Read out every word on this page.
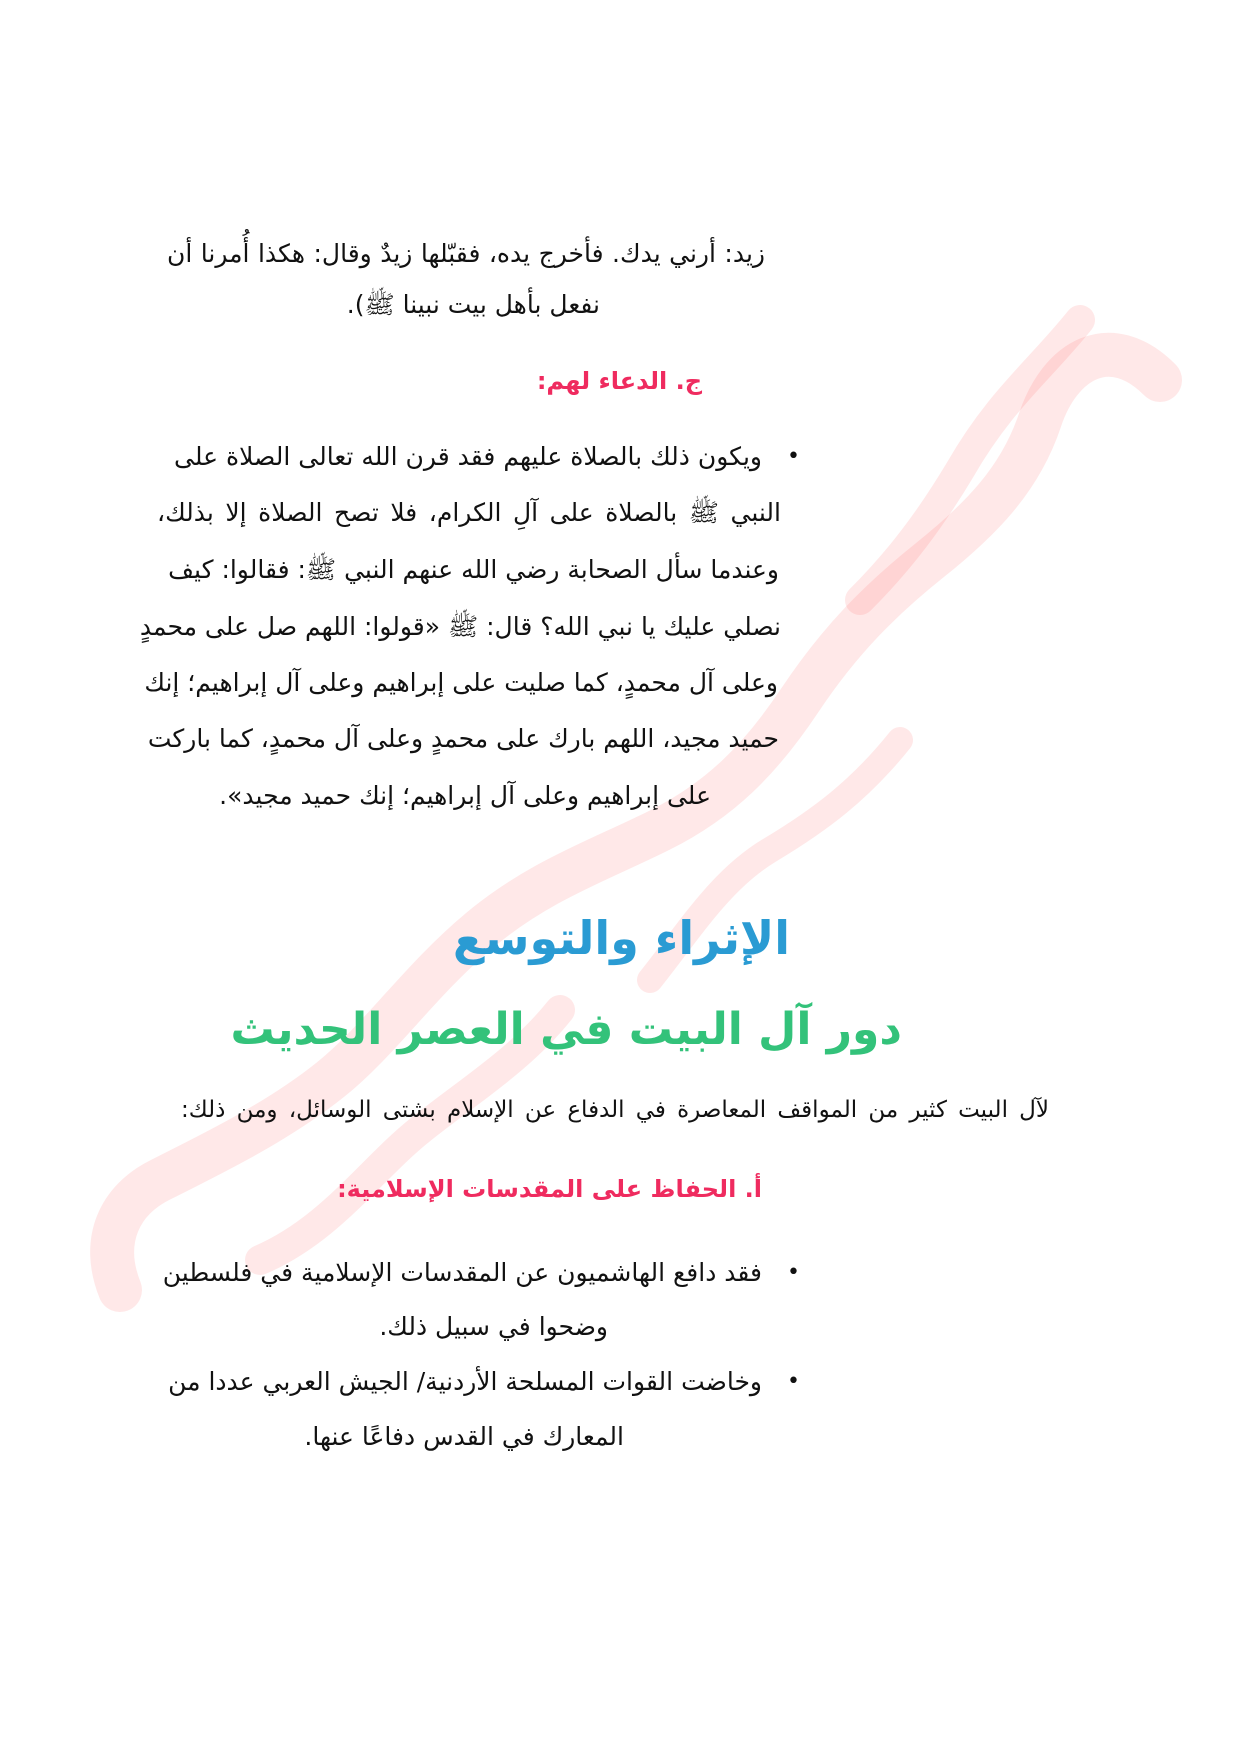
زيد: أرني يدك. فأخرج يده، فقبّلها زيدٌ وقال: هكذا أُمرنا أن
نفعل بأهل بيت نبينا ﷺ).
ج. الدعاء لهم:
•
ويكون ذلك بالصلاة عليهم فقد قرن الله تعالى الصلاة على
النبي ﷺ بالصلاة على آلِ الكرام، فلا تصح الصلاة إلا بذلك،
وعندما سأل الصحابة رضي الله عنهم النبي ﷺ: فقالوا: كيف
نصلي عليك يا نبي الله؟ قال: ﷺ «قولوا: اللهم صل على محمدٍ
وعلى آل محمدٍ، كما صليت على إبراهيم وعلى آل إبراهيم؛ إنك
حميد مجيد، اللهم بارك على محمدٍ وعلى آل محمدٍ، كما باركت
على إبراهيم وعلى آل إبراهيم؛ إنك حميد مجيد».
الإثراء والتوسع
دور آل البيت في العصر الحديث
لآل البيت كثير من المواقف المعاصرة في الدفاع عن الإسلام بشتى الوسائل، ومن ذلك:
أ. الحفاظ على المقدسات الإسلامية:
•
فقد دافع الهاشميون عن المقدسات الإسلامية في فلسطين
وضحوا في سبيل ذلك.
•
وخاضت القوات المسلحة الأردنية/ الجيش العربي عددا من
المعارك في القدس دفاعًا عنها.
